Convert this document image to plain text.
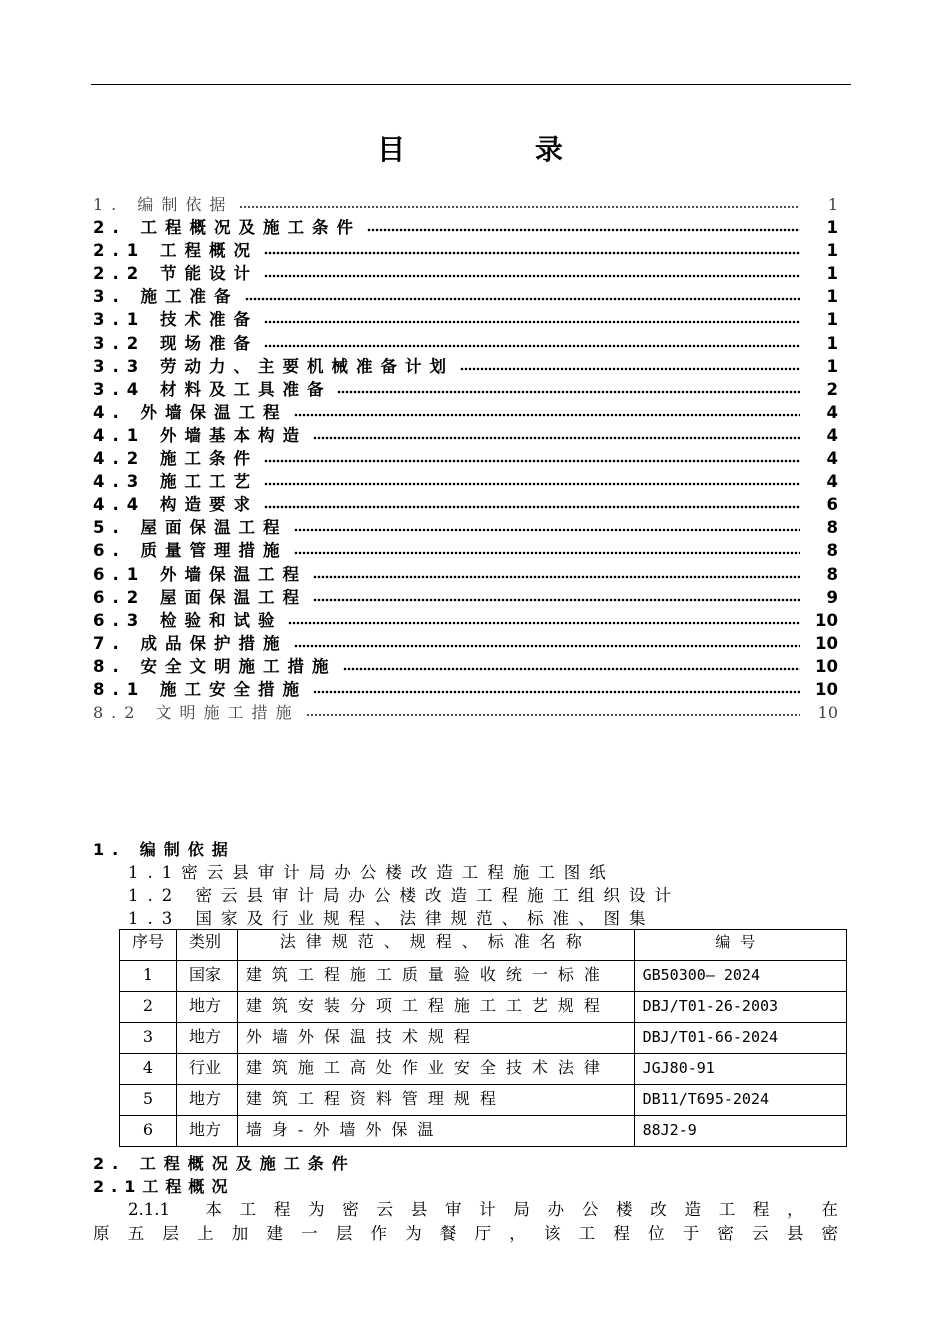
目 录
1. 编制依据	1
2. 工程概况及施工条件	1
2.1 工程概况	1
2.2 节能设计	1
3. 施工准备	1
3.1 技术准备	1
3.2 现场准备	1
3.3 劳动力、主要机械准备计划	1
3.4 材料及工具准备	2
4. 外墙保温工程	4
4.1 外墙基本构造	4
4.2 施工条件	4
4.3 施工工艺	4
4.4 构造要求	6
5. 屋面保温工程	8
6. 质量管理措施	8
6.1 外墙保温工程	8
6.2 屋面保温工程	9
6.3 检验和试验	10
7. 成品保护措施	10
8. 安全文明施工措施	10
8.1 施工安全措施	10
8.2 文明施工措施	10
1. 编制依据
1.1密云县审计局办公楼改造工程施工图纸
1.2 密云县审计局办公楼改造工程施工组织设计
1.3 国家及行业规程、法律规范、标准、图集
序号	类别	法律规范、规程、标准名称	编号

1	国家	建筑工程施工质量验收统一标准	GB50300— 2024

2	地方	建筑安装分项工程施工工艺规程	DBJ/T01-26-2003

3	地方	外墙外保温技术规程	DBJ/T01-66-2024

4	行业	建筑施工高处作业安全技术法律	JGJ80-91

5	地方	建筑工程资料管理规程	DB11/T695-2024

6	地方	墙身-外墙外保温	88J2-9
2. 工程概况及施工条件
2.1工程概况
2.1.1 本 工 程 为 密 云 县 审 计 局 办 公 楼 改 造 工 程 ， 在
原 五 层 上 加 建 一 层 作 为 餐 厅 ， 该 工 程 位 于 密 云 县 密
